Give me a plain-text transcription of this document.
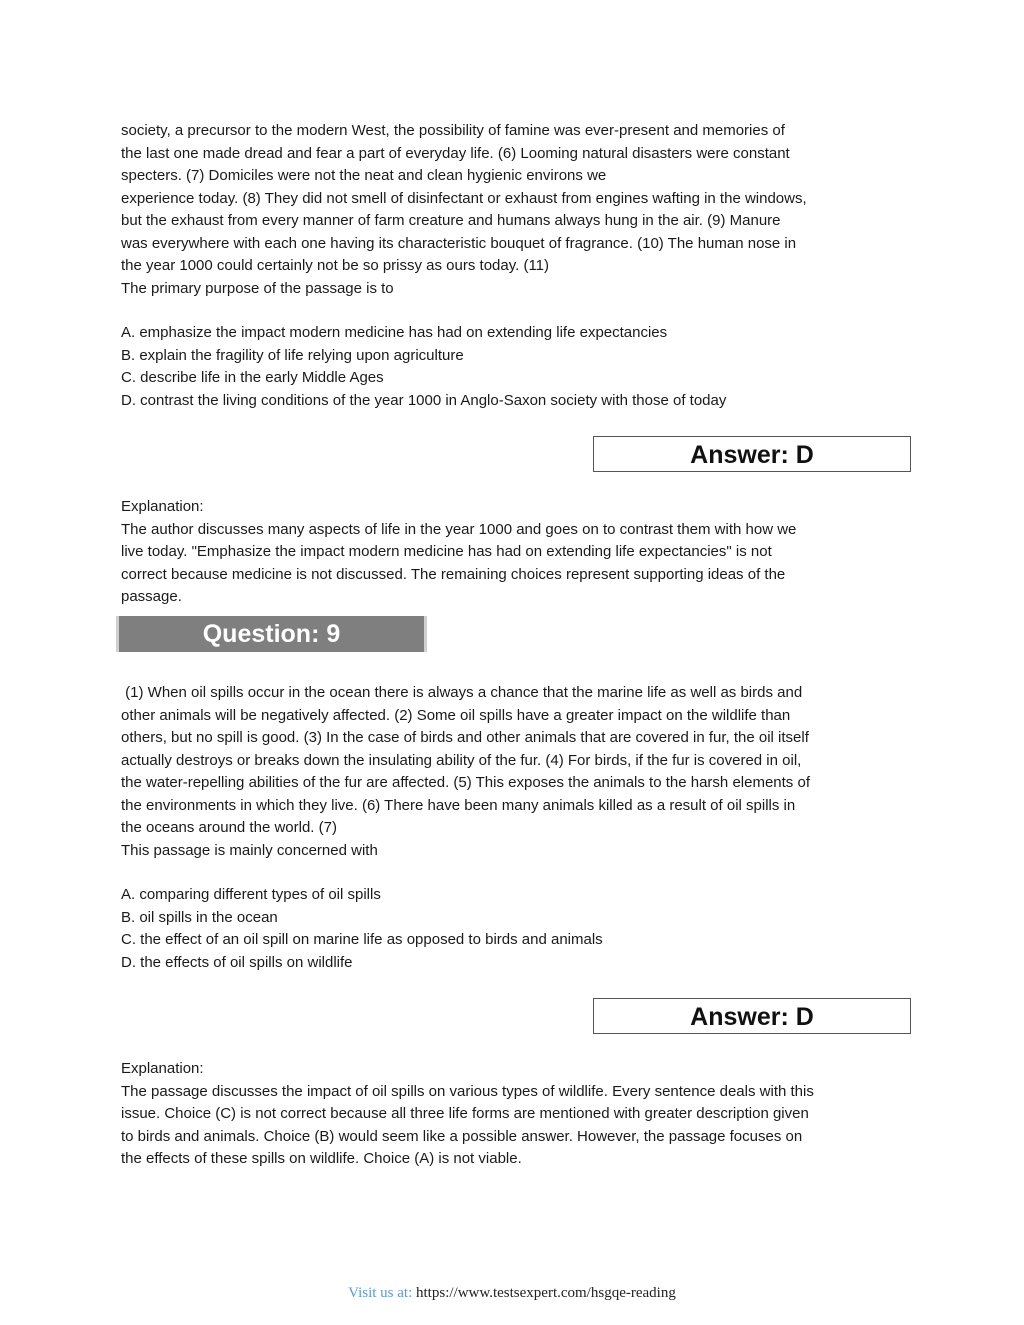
society, a precursor to the modern West, the possibility of famine was ever-present and memories of
the last one made dread and fear a part of everyday life. (6) Looming natural disasters were constant
specters. (7) Domiciles were not the neat and clean hygienic environs we
experience today. (8) They did not smell of disinfectant or exhaust from engines wafting in the windows,
but the exhaust from every manner of farm creature and humans always hung in the air. (9) Manure
was everywhere with each one having its characteristic bouquet of fragrance. (10) The human nose in
the year 1000 could certainly not be so prissy as ours today. (11)
The primary purpose of the passage is to
A. emphasize the impact modern medicine has had on extending life expectancies
B. explain the fragility of life relying upon agriculture
C. describe life in the early Middle Ages
D. contrast the living conditions of the year 1000 in Anglo-Saxon society with those of today
Answer: D
Explanation:
The author discusses many aspects of life in the year 1000 and goes on to contrast them with how we
live today. "Emphasize the impact modern medicine has had on extending life expectancies" is not
correct because medicine is not discussed. The remaining choices represent supporting ideas of the
passage.
Question: 9
(1) When oil spills occur in the ocean there is always a chance that the marine life as well as birds and
other animals will be negatively affected. (2) Some oil spills have a greater impact on the wildlife than
others, but no spill is good. (3) In the case of birds and other animals that are covered in fur, the oil itself
actually destroys or breaks down the insulating ability of the fur. (4) For birds, if the fur is covered in oil,
the water-repelling abilities of the fur are affected. (5) This exposes the animals to the harsh elements of
the environments in which they live. (6) There have been many animals killed as a result of oil spills in
the oceans around the world. (7)
This passage is mainly concerned with
A. comparing different types of oil spills
B. oil spills in the ocean
C. the effect of an oil spill on marine life as opposed to birds and animals
D. the effects of oil spills on wildlife
Answer: D
Explanation:
The passage discusses the impact of oil spills on various types of wildlife. Every sentence deals with this
issue. Choice (C) is not correct because all three life forms are mentioned with greater description given
to birds and animals. Choice (B) would seem like a possible answer. However, the passage focuses on
the effects of these spills on wildlife. Choice (A) is not viable.
Visit us at: https://www.testsexpert.com/hsgqe-reading
